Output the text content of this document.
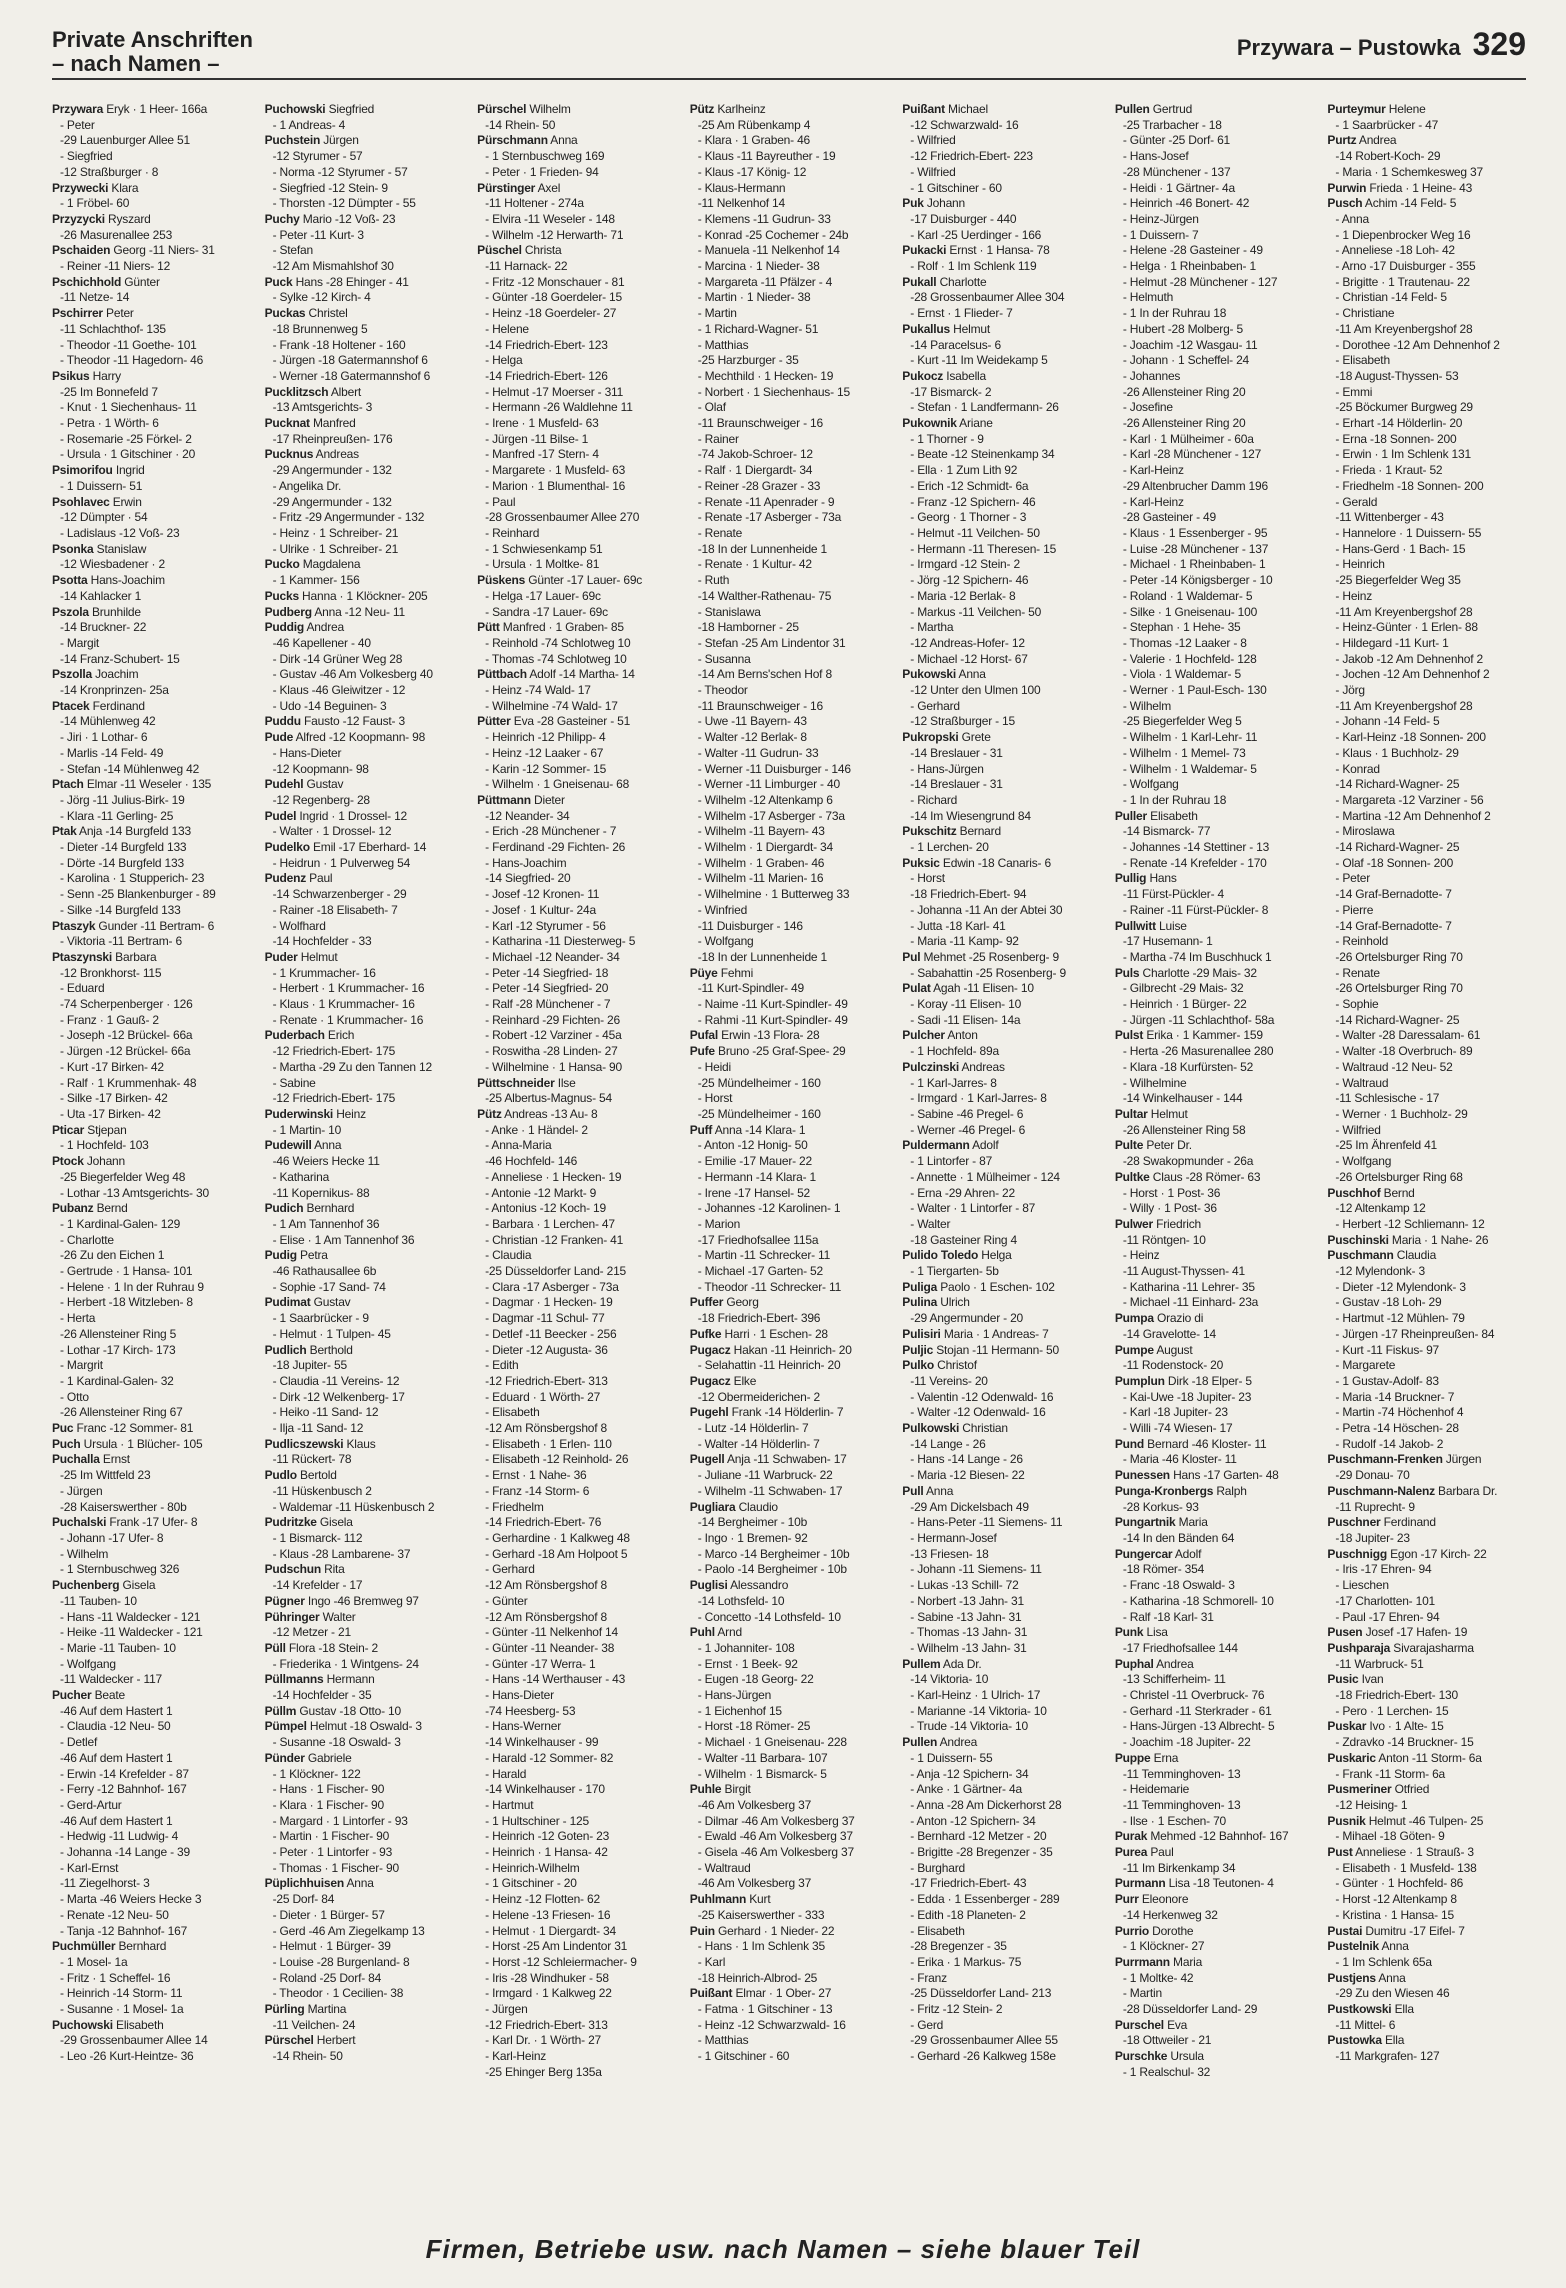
Private Anschriften
– nach Namen –
Przywara – Pustowka 329
Przywara Eryk · 1 Heer- 166a
- Peter
-29 Lauenburger Allee 51
- Siegfried
-12 Straßburger · 8
Przywecki Klara
- 1 Fröbel- 60
Przyzycki Ryszard
-26 Masurenallee 253
Pschaiden Georg -11 Niers- 31
- Reiner -11 Niers- 12
Pschichhold Günter
-11 Netze- 14
Pschirrer Peter
-11 Schlachthof- 135
- Theodor -11 Goethe- 101
- Theodor -11 Hagedorn- 46
Psikus Harry
-25 Im Bonnefeld 7
- Knut · 1 Siechenhaus- 11
- Petra · 1 Wörth- 6
- Rosemarie -25 Förkel- 2
- Ursula · 1 Gitschiner · 20
Psimorifou Ingrid
- 1 Duissern- 51
Psohlavec Erwin
-12 Dümpter · 54
- Ladislaus -12 Voß- 23
Psonka Stanislaw
-12 Wiesbadener · 2
Psotta Hans-Joachim
-14 Kahlacker 1
Pszola Brunhilde
-14 Bruckner- 22
- Margit
-14 Franz-Schubert- 15
Pszolla Joachim
-14 Kronprinzen- 25a
Ptacek Ferdinand
-14 Mühlenweg 42
- Jiri · 1 Lothar- 6
- Marlis -14 Feld- 49
- Stefan -14 Mühlenweg 42
Ptach Elmar -11 Weseler · 135
- Jörg -11 Julius-Birk- 19
- Klara -11 Gerling- 25
Ptak Anja -14 Burgfeld 133
- Dieter -14 Burgfeld 133
- Dörte -14 Burgfeld 133
- Karolina · 1 Stupperich- 23
- Senn -25 Blankenburger - 89
- Silke -14 Burgfeld 133
Ptaszyk Gunder -11 Bertram- 6
- Viktoria -11 Bertram- 6
Ptaszynski Barbara
-12 Bronkhorst- 115
- Eduard
-74 Scherpenberger · 126
- Franz · 1 Gauß- 2
- Joseph -12 Brückel- 66a
- Jürgen -12 Brückel- 66a
- Kurt -17 Birken- 42
- Ralf · 1 Krummenhak- 48
- Silke -17 Birken- 42
- Uta -17 Birken- 42
Pticar Stjepan
- 1 Hochfeld- 103
Ptock Johann
-25 Biegerfelder Weg 48
- Lothar -13 Amtsgerichts- 30
Pubanz Bernd
- 1 Kardinal-Galen- 129
- Charlotte
-26 Zu den Eichen 1
- Gertrude · 1 Hansa- 101
- Helene · 1 In der Ruhrau 9
- Herbert -18 Witzleben- 8
- Herta
-26 Allensteiner Ring 5
- Lothar -17 Kirch- 173
- Margrit
- 1 Kardinal-Galen- 32
- Otto
-26 Allensteiner Ring 67
Puc Franc -12 Sommer- 81
Puch Ursula · 1 Blücher- 105
Puchalla Ernst
-25 Im Wittfeld 23
- Jürgen
-28 Kaiserswerther - 80b
Puchalski Frank -17 Ufer- 8
- Johann -17 Ufer- 8
- Wilhelm
- 1 Sternbuschweg 326
Puchenberg Gisela
-11 Tauben- 10
- Hans -11 Waldecker - 121
- Heike -11 Waldecker - 121
- Marie -11 Tauben- 10
- Wolfgang
-11 Waldecker - 117
Pucher Beate
-46 Auf dem Hastert 1
- Claudia -12 Neu- 50
- Detlef
-46 Auf dem Hastert 1
- Erwin -14 Krefelder - 87
- Ferry -12 Bahnhof- 167
- Gerd-Artur
-46 Auf dem Hastert 1
- Hedwig -11 Ludwig- 4
- Johanna -14 Lange - 39
- Karl-Ernst
-11 Ziegelhorst- 3
- Marta -46 Weiers Hecke 3
- Renate -12 Neu- 50
- Tanja -12 Bahnhof- 167
Puchmüller Bernhard
- 1 Mosel- 1a
- Fritz · 1 Scheffel- 16
- Heinrich -14 Storm- 11
- Susanne · 1 Mosel- 1a
Puchowski Elisabeth
-29 Grossenbaumer Allee 14
- Leo -26 Kurt-Heintze- 36
Puchowski Siegfried
- 1 Andreas- 4
Puchstein Jürgen
-12 Styrumer - 57
- Norma -12 Styrumer - 57
- Siegfried -12 Stein- 9
- Thorsten -12 Dümpter - 55
Puchy Mario -12 Voß- 23
- Peter -11 Kurt- 3
- Stefan
-12 Am Mismahlshof 30
Puck Hans -28 Ehinger - 41
- Sylke -12 Kirch- 4
Puckas Christel
-18 Brunnenweg 5
- Frank -18 Holtener - 160
- Jürgen -18 Gatermannshof 6
- Werner -18 Gatermannshof 6
Pucklitzsch Albert
-13 Amtsgerichts- 3
Pucknat Manfred
-17 Rheinpreußen- 176
Pucknus Andreas
-29 Angermunder - 132
- Angelika Dr.
-29 Angermunder - 132
- Fritz -29 Angermunder - 132
- Heinz · 1 Schreiber- 21
- Ulrike · 1 Schreiber- 21
Pucko Magdalena
- 1 Kammer- 156
Pucks Hanna · 1 Klöckner- 205
Pudberg Anna -12 Neu- 11
Puddig Andrea
-46 Kapellener - 40
- Dirk -14 Grüner Weg 28
- Gustav -46 Am Volkesberg 40
- Klaus -46 Gleiwitzer - 12
- Udo -14 Beguinen- 3
Puddu Fausto -12 Faust- 3
Pude Alfred -12 Koopmann- 98
- Hans-Dieter
-12 Koopmann- 98
Pudehl Gustav
-12 Regenberg- 28
Pudel Ingrid · 1 Drossel- 12
- Walter · 1 Drossel- 12
Pudelko Emil -17 Eberhard- 14
- Heidrun · 1 Pulverweg 54
Pudenz Paul
-14 Schwarzenberger - 29
- Rainer -18 Elisabeth- 7
- Wolfhard
-14 Hochfelder - 33
Puder Helmut
- 1 Krummacher- 16
- Herbert · 1 Krummacher- 16
- Klaus · 1 Krummacher- 16
- Renate · 1 Krummacher- 16
Puderbach Erich
-12 Friedrich-Ebert- 175
- Martha -29 Zu den Tannen 12
- Sabine
-12 Friedrich-Ebert- 175
Puderwinski Heinz
- 1 Martin- 10
Pudewill Anna
-46 Weiers Hecke 11
- Katharina
-11 Kopernikus- 88
Pudich Bernhard
- 1 Am Tannenhof 36
- Elise · 1 Am Tannenhof 36
Pudig Petra
-46 Rathausallee 6b
- Sophie -17 Sand- 74
Pudimat Gustav
- 1 Saarbrücker - 9
- Helmut · 1 Tulpen- 45
Pudlich Berthold
-18 Jupiter- 55
- Claudia -11 Vereins- 12
- Dirk -12 Welkenberg- 17
- Heiko -11 Sand- 12
- Ilja -11 Sand- 12
Pudlicszewski Klaus
-11 Rückert- 78
Pudlo Bertold
-11 Hüskenbusch 2
- Waldemar -11 Hüskenbusch 2
Pudritzke Gisela
- 1 Bismarck- 112
- Klaus -28 Lambarene- 37
Pudschun Rita
-14 Krefelder - 17
Pügner Ingo -46 Bremweg 97
Pühringer Walter
-12 Metzer - 21
Püll Flora -18 Stein- 2
- Friederika · 1 Wintgens- 24
Püllmanns Hermann
-14 Hochfelder - 35
Püllm Gustav -18 Otto- 10
Pümpel Helmut -18 Oswald- 3
- Susanne -18 Oswald- 3
Pünder Gabriele
- 1 Klöckner- 122
- Hans · 1 Fischer- 90
- Klara · 1 Fischer- 90
- Margard · 1 Lintorfer - 93
- Martin · 1 Fischer- 90
- Peter · 1 Lintorfer - 93
- Thomas · 1 Fischer- 90
Püplichhuisen Anna
-25 Dorf- 84
- Dieter · 1 Bürger- 57
- Gerd -46 Am Ziegelkamp 13
- Helmut · 1 Bürger- 39
- Louise -28 Burgenland- 8
- Roland -25 Dorf- 84
- Theodor · 1 Cecilien- 38
Pürling Martina
-11 Veilchen- 24
Pürschel Herbert
-14 Rhein- 50
Pürschel Wilhelm
-14 Rhein- 50
Pürschmann Anna
- 1 Sternbuschweg 169
- Peter · 1 Frieden- 94
Pürstinger Axel
-11 Holtener - 274a
- Elvira -11 Weseler - 148
- Wilhelm -12 Herwarth- 71
Püschel Christa
-11 Harnack- 22
- Fritz -12 Monschauer - 81
- Günter -18 Goerdeler- 15
- Heinz -18 Goerdeler- 27
- Helene
-14 Friedrich-Ebert- 123
- Helga
-14 Friedrich-Ebert- 126
- Helmut -17 Moerser - 311
- Hermann -26 Waldlehne 11
- Irene · 1 Musfeld- 63
- Jürgen -11 Bilse- 1
- Manfred -17 Stern- 4
- Margarete · 1 Musfeld- 63
- Marion · 1 Blumenthal- 16
- Paul
-28 Grossenbaumer Allee 270
- Reinhard
- 1 Schwiesenkamp 51
- Ursula · 1 Moltke- 81
Püskens Günter -17 Lauer- 69c
- Helga -17 Lauer- 69c
- Sandra -17 Lauer- 69c
Pütt Manfred · 1 Graben- 85
- Reinhold -74 Schlotweg 10
- Thomas -74 Schlotweg 10
Püttbach Adolf -14 Martha- 14
- Heinz -74 Wald- 17
- Wilhelmine -74 Wald- 17
Pütter Eva -28 Gasteiner - 51
- Heinrich -12 Philipp- 4
- Heinz -12 Laaker - 67
- Karin -12 Sommer- 15
- Wilhelm · 1 Gneisenau- 68
Püttmann Dieter
-12 Neander- 34
- Erich -28 Münchener - 7
- Ferdinand -29 Fichten- 26
- Hans-Joachim
-14 Siegfried- 20
- Josef -12 Kronen- 11
- Josef · 1 Kultur- 24a
- Karl -12 Styrumer - 56
- Katharina -11 Diesterweg- 5
- Michael -12 Neander- 34
- Peter -14 Siegfried- 18
- Peter -14 Siegfried- 20
- Ralf -28 Münchener - 7
- Reinhard -29 Fichten- 26
- Robert -12 Varziner - 45a
- Roswitha -28 Linden- 27
- Wilhelmine · 1 Hansa- 90
Püttschneider Ilse
-25 Albertus-Magnus- 54
Pütz Andreas -13 Au- 8
- Anke · 1 Händel- 2
- Anna-Maria
-46 Hochfeld- 146
- Anneliese · 1 Hecken- 19
- Antonie -12 Markt- 9
- Antonius -12 Koch- 19
- Barbara · 1 Lerchen- 47
- Christian -12 Franken- 41
- Claudia
-25 Düsseldorfer Land- 215
- Clara -17 Asberger - 73a
- Dagmar · 1 Hecken- 19
- Dagmar -11 Schul- 77
- Detlef -11 Beecker - 256
- Dieter -12 Augusta- 36
- Edith
-12 Friedrich-Ebert- 313
- Eduard · 1 Wörth- 27
- Elisabeth
-12 Am Rönsbergshof 8
- Elisabeth · 1 Erlen- 110
- Elisabeth -12 Reinhold- 26
- Ernst · 1 Nahe- 36
- Franz -14 Storm- 6
- Friedhelm
-14 Friedrich-Ebert- 76
- Gerhardine · 1 Kalkweg 48
- Gerhard -18 Am Holpoot 5
- Gerhard
-12 Am Rönsbergshof 8
- Günter
-12 Am Rönsbergshof 8
- Günter -11 Nelkenhof 14
- Günter -11 Neander- 38
- Günter -17 Werra- 1
- Hans -14 Werthauser - 43
- Hans-Dieter
-74 Heesberg- 53
- Hans-Werner
-14 Winkelhauser - 99
- Harald -12 Sommer- 82
- Harald
-14 Winkelhauser - 170
- Hartmut
- 1 Hultschiner - 125
- Heinrich -12 Goten- 23
- Heinrich · 1 Hansa- 42
- Heinrich-Wilhelm
- 1 Gitschiner - 20
- Heinz -12 Flotten- 62
- Helene -13 Friesen- 16
- Helmut · 1 Diergardt- 34
- Horst -25 Am Lindentor 31
- Horst -12 Schleiermacher- 9
- Iris -28 Windhuker - 58
- Irmgard · 1 Kalkweg 22
- Jürgen
-12 Friedrich-Ebert- 313
- Karl Dr. · 1 Wörth- 27
- Karl-Heinz
-25 Ehinger Berg 135a
Pütz Karlheinz
-25 Am Rübenkamp 4
- Klara · 1 Graben- 46
- Klaus -11 Bayreuther - 19
- Klaus -17 König- 12
- Klaus-Hermann
-11 Nelkenhof 14
- Klemens -11 Gudrun- 33
- Konrad -25 Cochemer - 24b
- Manuela -11 Nelkenhof 14
- Marcina · 1 Nieder- 38
- Margareta -11 Pfälzer - 4
- Martin · 1 Nieder- 38
- Martin
- 1 Richard-Wagner- 51
- Matthias
-25 Harzburger - 35
- Mechthild · 1 Hecken- 19
- Norbert · 1 Siechenhaus- 15
- Olaf
-11 Braunschweiger - 16
- Rainer
-74 Jakob-Schroer- 12
- Ralf · 1 Diergardt- 34
- Reiner -28 Grazer - 33
- Renate -11 Apenrader - 9
- Renate -17 Asberger - 73a
- Renate
-18 In der Lunnenheide 1
- Renate · 1 Kultur- 42
- Ruth
-14 Walther-Rathenau- 75
- Stanislawa
-18 Hamborner - 25
- Stefan -25 Am Lindentor 31
- Susanna
-14 Am Berns'schen Hof 8
- Theodor
-11 Braunschweiger - 16
- Uwe -11 Bayern- 43
- Walter -12 Berlak- 8
- Walter -11 Gudrun- 33
- Werner -11 Duisburger - 146
- Werner -11 Limburger - 40
- Wilhelm -12 Altenkamp 6
- Wilhelm -17 Asberger - 73a
- Wilhelm -11 Bayern- 43
- Wilhelm · 1 Diergardt- 34
- Wilhelm · 1 Graben- 46
- Wilhelm -11 Marien- 16
- Wilhelmine · 1 Butterweg 33
- Winfried
-11 Duisburger - 146
- Wolfgang
-18 In der Lunnenheide 1
Püye Fehmi
-11 Kurt-Spindler- 49
- Naime -11 Kurt-Spindler- 49
- Rahmi -11 Kurt-Spindler- 49
Pufal Erwin -13 Flora- 28
Pufe Bruno -25 Graf-Spee- 29
- Heidi
-25 Mündelheimer - 160
- Horst
-25 Mündelheimer - 160
Puff Anna -14 Klara- 1
- Anton -12 Honig- 50
- Emilie -17 Mauer- 22
- Hermann -14 Klara- 1
- Irene -17 Hansel- 52
- Johannes -12 Karolinen- 1
- Marion
-17 Friedhofsallee 115a
- Martin -11 Schrecker- 11
- Michael -17 Garten- 52
- Theodor -11 Schrecker- 11
Puffer Georg
-18 Friedrich-Ebert- 396
Pufke Harri · 1 Eschen- 28
Pugacz Hakan -11 Heinrich- 20
- Selahattin -11 Heinrich- 20
Pugacz Elke
-12 Obermeiderichen- 2
Pugehl Frank -14 Hölderlin- 7
- Lutz -14 Hölderlin- 7
- Walter -14 Hölderlin- 7
Pugell Anja -11 Schwaben- 17
- Juliane -11 Warbruck- 22
- Wilhelm -11 Schwaben- 17
Pugliara Claudio
-14 Bergheimer - 10b
- Ingo · 1 Bremen- 92
- Marco -14 Bergheimer - 10b
- Paolo -14 Bergheimer - 10b
Puglisi Alessandro
-14 Lothsfeld- 10
- Concetto -14 Lothsfeld- 10
Puhl Arnd
- 1 Johanniter- 108
- Ernst · 1 Beek- 92
- Eugen -18 Georg- 22
- Hans-Jürgen
- 1 Eichenhof 15
- Horst -18 Römer- 25
- Michael · 1 Gneisenau- 228
- Walter -11 Barbara- 107
- Wilhelm · 1 Bismarck- 5
Puhle Birgit
-46 Am Volkesberg 37
- Dilmar -46 Am Volkesberg 37
- Ewald -46 Am Volkesberg 37
- Gisela -46 Am Volkesberg 37
- Waltraud
-46 Am Volkesberg 37
Puhlmann Kurt
-25 Kaiserswerther - 333
Puin Gerhard · 1 Nieder- 22
- Hans · 1 Im Schlenk 35
- Karl
-18 Heinrich-Albrod- 25
Puißant Elmar · 1 Ober- 27
- Fatma · 1 Gitschiner - 13
- Heinz -12 Schwarzwald- 16
- Matthias
- 1 Gitschiner - 60
Puißant Michael
-12 Schwarzwald- 16
- Wilfried
-12 Friedrich-Ebert- 223
- Wilfried
- 1 Gitschiner - 60
Puk Johann
-17 Duisburger - 440
- Karl -25 Uerdinger - 166
Pukacki Ernst · 1 Hansa- 78
- Rolf · 1 Im Schlenk 119
Pukall Charlotte
-28 Grossenbaumer Allee 304
- Ernst · 1 Flieder- 7
Pukallus Helmut
-14 Paracelsus- 6
- Kurt -11 Im Weidekamp 5
Pukocz Isabella
-17 Bismarck- 2
- Stefan · 1 Landfermann- 26
Pukownik Ariane
- 1 Thorner - 9
- Beate -12 Steinenkamp 34
- Ella · 1 Zum Lith 92
- Erich -12 Schmidt- 6a
- Franz -12 Spichern- 46
- Georg · 1 Thorner - 3
- Helmut -11 Veilchen- 50
- Hermann -11 Theresen- 15
- Irmgard -12 Stein- 2
- Jörg -12 Spichern- 46
- Maria -12 Berlak- 8
- Markus -11 Veilchen- 50
- Martha
-12 Andreas-Hofer- 12
- Michael -12 Horst- 67
Pukowski Anna
-12 Unter den Ulmen 100
- Gerhard
-12 Straßburger - 15
Pukropski Grete
-14 Breslauer - 31
- Hans-Jürgen
-14 Breslauer - 31
- Richard
-14 Im Wiesengrund 84
Pukschitz Bernard
- 1 Lerchen- 20
Puksic Edwin -18 Canaris- 6
- Horst
-18 Friedrich-Ebert- 94
- Johanna -11 An der Abtei 30
- Jutta -18 Karl- 41
- Maria -11 Kamp- 92
Pul Mehmet -25 Rosenberg- 9
- Sabahattin -25 Rosenberg- 9
Pulat Agah -11 Elisen- 10
- Koray -11 Elisen- 10
- Sadi -11 Elisen- 14a
Pulcher Anton
- 1 Hochfeld- 89a
Pulczinski Andreas
- 1 Karl-Jarres- 8
- Irmgard · 1 Karl-Jarres- 8
- Sabine -46 Pregel- 6
- Werner -46 Pregel- 6
Puldermann Adolf
- 1 Lintorfer - 87
- Annette · 1 Mülheimer - 124
- Erna -29 Ahren- 22
- Walter · 1 Lintorfer - 87
- Walter
-18 Gasteiner Ring 4
Pulido Toledo Helga
- 1 Tiergarten- 5b
Puliga Paolo · 1 Eschen- 102
Pulina Ulrich
-29 Angermunder - 20
Pulisiri Maria · 1 Andreas- 7
Puljic Stojan -11 Hermann- 50
Pulko Christof
-11 Vereins- 20
- Valentin -12 Odenwald- 16
- Walter -12 Odenwald- 16
Pulkowski Christian
-14 Lange - 26
- Hans -14 Lange - 26
- Maria -12 Biesen- 22
Pull Anna
-29 Am Dickelsbach 49
- Hans-Peter -11 Siemens- 11
- Hermann-Josef
-13 Friesen- 18
- Johann -11 Siemens- 11
- Lukas -13 Schill- 72
- Norbert -13 Jahn- 31
- Sabine -13 Jahn- 31
- Thomas -13 Jahn- 31
- Wilhelm -13 Jahn- 31
Pullem Ada Dr.
-14 Viktoria- 10
- Karl-Heinz · 1 Ulrich- 17
- Marianne -14 Viktoria- 10
- Trude -14 Viktoria- 10
Pullen Andrea
- 1 Duissern- 55
- Anja -12 Spichern- 34
- Anke · 1 Gärtner- 4a
- Anna -28 Am Dickerhorst 28
- Anton -12 Spichern- 34
- Bernhard -12 Metzer - 20
- Brigitte -28 Bregenzer - 35
- Burghard
-17 Friedrich-Ebert- 43
- Edda · 1 Essenberger - 289
- Edith -18 Planeten- 2
- Elisabeth
-28 Bregenzer - 35
- Erika · 1 Markus- 75
- Franz
-25 Düsseldorfer Land- 213
- Fritz -12 Stein- 2
- Gerd
-29 Grossenbaumer Allee 55
- Gerhard -26 Kalkweg 158e
Pullen Gertrud
-25 Trarbacher - 18
- Günter -25 Dorf- 61
- Hans-Josef
-28 Münchener - 137
- Heidi · 1 Gärtner- 4a
- Heinrich -46 Bonert- 42
- Heinz-Jürgen
- 1 Duissern- 7
- Helene -28 Gasteiner - 49
- Helga · 1 Rheinbaben- 1
- Helmut -28 Münchener - 127
- Helmuth
- 1 In der Ruhrau 18
- Hubert -28 Molberg- 5
- Joachim -12 Wasgau- 11
- Johann · 1 Scheffel- 24
- Johannes
-26 Allensteiner Ring 20
- Josefine
-26 Allensteiner Ring 20
- Karl · 1 Mülheimer - 60a
- Karl -28 Münchener - 127
- Karl-Heinz
-29 Altenbrucher Damm 196
- Karl-Heinz
-28 Gasteiner - 49
- Klaus · 1 Essenberger - 95
- Luise -28 Münchener - 137
- Michael · 1 Rheinbaben- 1
- Peter -14 Königsberger - 10
- Roland · 1 Waldemar- 5
- Silke · 1 Gneisenau- 100
- Stephan · 1 Hehe- 35
- Thomas -12 Laaker - 8
- Valerie · 1 Hochfeld- 128
- Viola · 1 Waldemar- 5
- Werner · 1 Paul-Esch- 130
- Wilhelm
-25 Biegerfelder Weg 5
- Wilhelm · 1 Karl-Lehr- 11
- Wilhelm · 1 Memel- 73
- Wilhelm · 1 Waldemar- 5
- Wolfgang
- 1 In der Ruhrau 18
Puller Elisabeth
-14 Bismarck- 77
- Johannes -14 Stettiner - 13
- Renate -14 Krefelder - 170
Pullig Hans
-11 Fürst-Pückler- 4
- Rainer -11 Fürst-Pückler- 8
Pullwitt Luise
-17 Husemann- 1
- Martha -74 Im Buschhuck 1
Puls Charlotte -29 Mais- 32
- Gilbrecht -29 Mais- 32
- Heinrich · 1 Bürger- 22
- Jürgen -11 Schlachthof- 58a
Pulst Erika · 1 Kammer- 159
- Herta -26 Masurenallee 280
- Klara -18 Kurfürsten- 52
- Wilhelmine
-14 Winkelhauser - 144
Pultar Helmut
-26 Allensteiner Ring 58
Pulte Peter Dr.
-28 Swakopmunder - 26a
Pultke Claus -28 Römer- 63
- Horst · 1 Post- 36
- Willy · 1 Post- 36
Pulwer Friedrich
-11 Röntgen- 10
- Heinz
-11 August-Thyssen- 41
- Katharina -11 Lehrer- 35
- Michael -11 Einhard- 23a
Pumpa Orazio di
-14 Gravelotte- 14
Pumpe August
-11 Rodenstock- 20
Pumplun Dirk -18 Elper- 5
- Kai-Uwe -18 Jupiter- 23
- Karl -18 Jupiter- 23
- Willi -74 Wiesen- 17
Pund Bernard -46 Kloster- 11
- Maria -46 Kloster- 11
Punessen Hans -17 Garten- 48
Punga-Kronbergs Ralph
-28 Korkus- 93
Pungartnik Maria
-14 In den Bänden 64
Pungercar Adolf
-18 Römer- 354
- Franc -18 Oswald- 3
- Katharina -18 Schmorell- 10
- Ralf -18 Karl- 31
Punk Lisa
-17 Friedhofsallee 144
Puphal Andrea
-13 Schifferheim- 11
- Christel -11 Overbruck- 76
- Gerhard -11 Sterkrader - 61
- Hans-Jürgen -13 Albrecht- 5
- Joachim -18 Jupiter- 22
Puppe Erna
-11 Temminghoven- 13
- Heidemarie
-11 Temminghoven- 13
- Ilse · 1 Eschen- 70
Purak Mehmed -12 Bahnhof- 167
Purea Paul
-11 Im Birkenkamp 34
Purmann Lisa -18 Teutonen- 4
Purr Eleonore
-14 Herkenweg 32
Purrio Dorothe
- 1 Klöckner- 27
Purrmann Maria
- 1 Moltke- 42
- Martin
-28 Düsseldorfer Land- 29
Purschel Eva
-18 Ottweiler - 21
Purschke Ursula
- 1 Realschul- 32
Purteymur Helene
- 1 Saarbrücker - 47
Purtz Andrea
-14 Robert-Koch- 29
- Maria · 1 Schemkesweg 37
Purwin Frieda · 1 Heine- 43
Pusch Achim -14 Feld- 5
- Anna
- 1 Diepenbrocker Weg 16
- Anneliese -18 Loh- 42
- Arno -17 Duisburger - 355
- Brigitte · 1 Trautenau- 22
- Christian -14 Feld- 5
- Christiane
-11 Am Kreyenbergshof 28
- Dorothee -12 Am Dehnenhof 2
- Elisabeth
-18 August-Thyssen- 53
- Emmi
-25 Böckumer Burgweg 29
- Erhart -14 Hölderlin- 20
- Erna -18 Sonnen- 200
- Erwin · 1 Im Schlenk 131
- Frieda · 1 Kraut- 52
- Friedhelm -18 Sonnen- 200
- Gerald
-11 Wittenberger - 43
- Hannelore · 1 Duissern- 55
- Hans-Gerd · 1 Bach- 15
- Heinrich
-25 Biegerfelder Weg 35
- Heinz
-11 Am Kreyenbergshof 28
- Heinz-Günter · 1 Erlen- 88
- Hildegard -11 Kurt- 1
- Jakob -12 Am Dehnenhof 2
- Jochen -12 Am Dehnenhof 2
- Jörg
-11 Am Kreyenbergshof 28
- Johann -14 Feld- 5
- Karl-Heinz -18 Sonnen- 200
- Klaus · 1 Buchholz- 29
- Konrad
-14 Richard-Wagner- 25
- Margareta -12 Varziner - 56
- Martina -12 Am Dehnenhof 2
- Miroslawa
-14 Richard-Wagner- 25
- Olaf -18 Sonnen- 200
- Peter
-14 Graf-Bernadotte- 7
- Pierre
-14 Graf-Bernadotte- 7
- Reinhold
-26 Ortelsburger Ring 70
- Renate
-26 Ortelsburger Ring 70
- Sophie
-14 Richard-Wagner- 25
- Walter -28 Daressalam- 61
- Walter -18 Overbruch- 89
- Waltraud -12 Neu- 52
- Waltraud
-11 Schlesische - 17
- Werner · 1 Buchholz- 29
- Wilfried
-25 Im Ährenfeld 41
- Wolfgang
-26 Ortelsburger Ring 68
Puschhof Bernd
-12 Altenkamp 12
- Herbert -12 Schliemann- 12
Puschinski Maria · 1 Nahe- 26
Puschmann Claudia
-12 Mylendonk- 3
- Dieter -12 Mylendonk- 3
- Gustav -18 Loh- 29
- Hartmut -12 Mühlen- 79
- Jürgen -17 Rheinpreußen- 84
- Kurt -11 Fiskus- 97
- Margarete
- 1 Gustav-Adolf- 83
- Maria -14 Bruckner- 7
- Martin -74 Höchenhof 4
- Petra -14 Höschen- 28
- Rudolf -14 Jakob- 2
Puschmann-Frenken Jürgen
-29 Donau- 70
Puschmann-Nalenz Barbara Dr.
-11 Ruprecht- 9
Puschner Ferdinand
-18 Jupiter- 23
Puschnigg Egon -17 Kirch- 22
- Iris -17 Ehren- 94
- Lieschen
-17 Charlotten- 101
- Paul -17 Ehren- 94
Pusen Josef -17 Hafen- 19
Pushparaja Sivarajasharma
-11 Warbruck- 51
Pusic Ivan
-18 Friedrich-Ebert- 130
- Pero · 1 Lerchen- 15
Puskar Ivo · 1 Alte- 15
- Zdravko -14 Bruckner- 15
Puskaric Anton -11 Storm- 6a
- Frank -11 Storm- 6a
Pusmeriner Otfried
-12 Heising- 1
Pusnik Helmut -46 Tulpen- 25
- Mihael -18 Göten- 9
Pust Anneliese · 1 Strauß- 3
- Elisabeth · 1 Musfeld- 138
- Günter · 1 Hochfeld- 86
- Horst -12 Altenkamp 8
- Kristina · 1 Hansa- 15
Pustai Dumitru -17 Eifel- 7
Pustelnik Anna
- 1 Im Schlenk 65a
Pustjens Anna
-29 Zu den Wiesen 46
Pustkowski Ella
-11 Mittel- 6
Pustowka Ella
-11 Markgrafen- 127
Firmen, Betriebe usw. nach Namen – siehe blauer Teil
